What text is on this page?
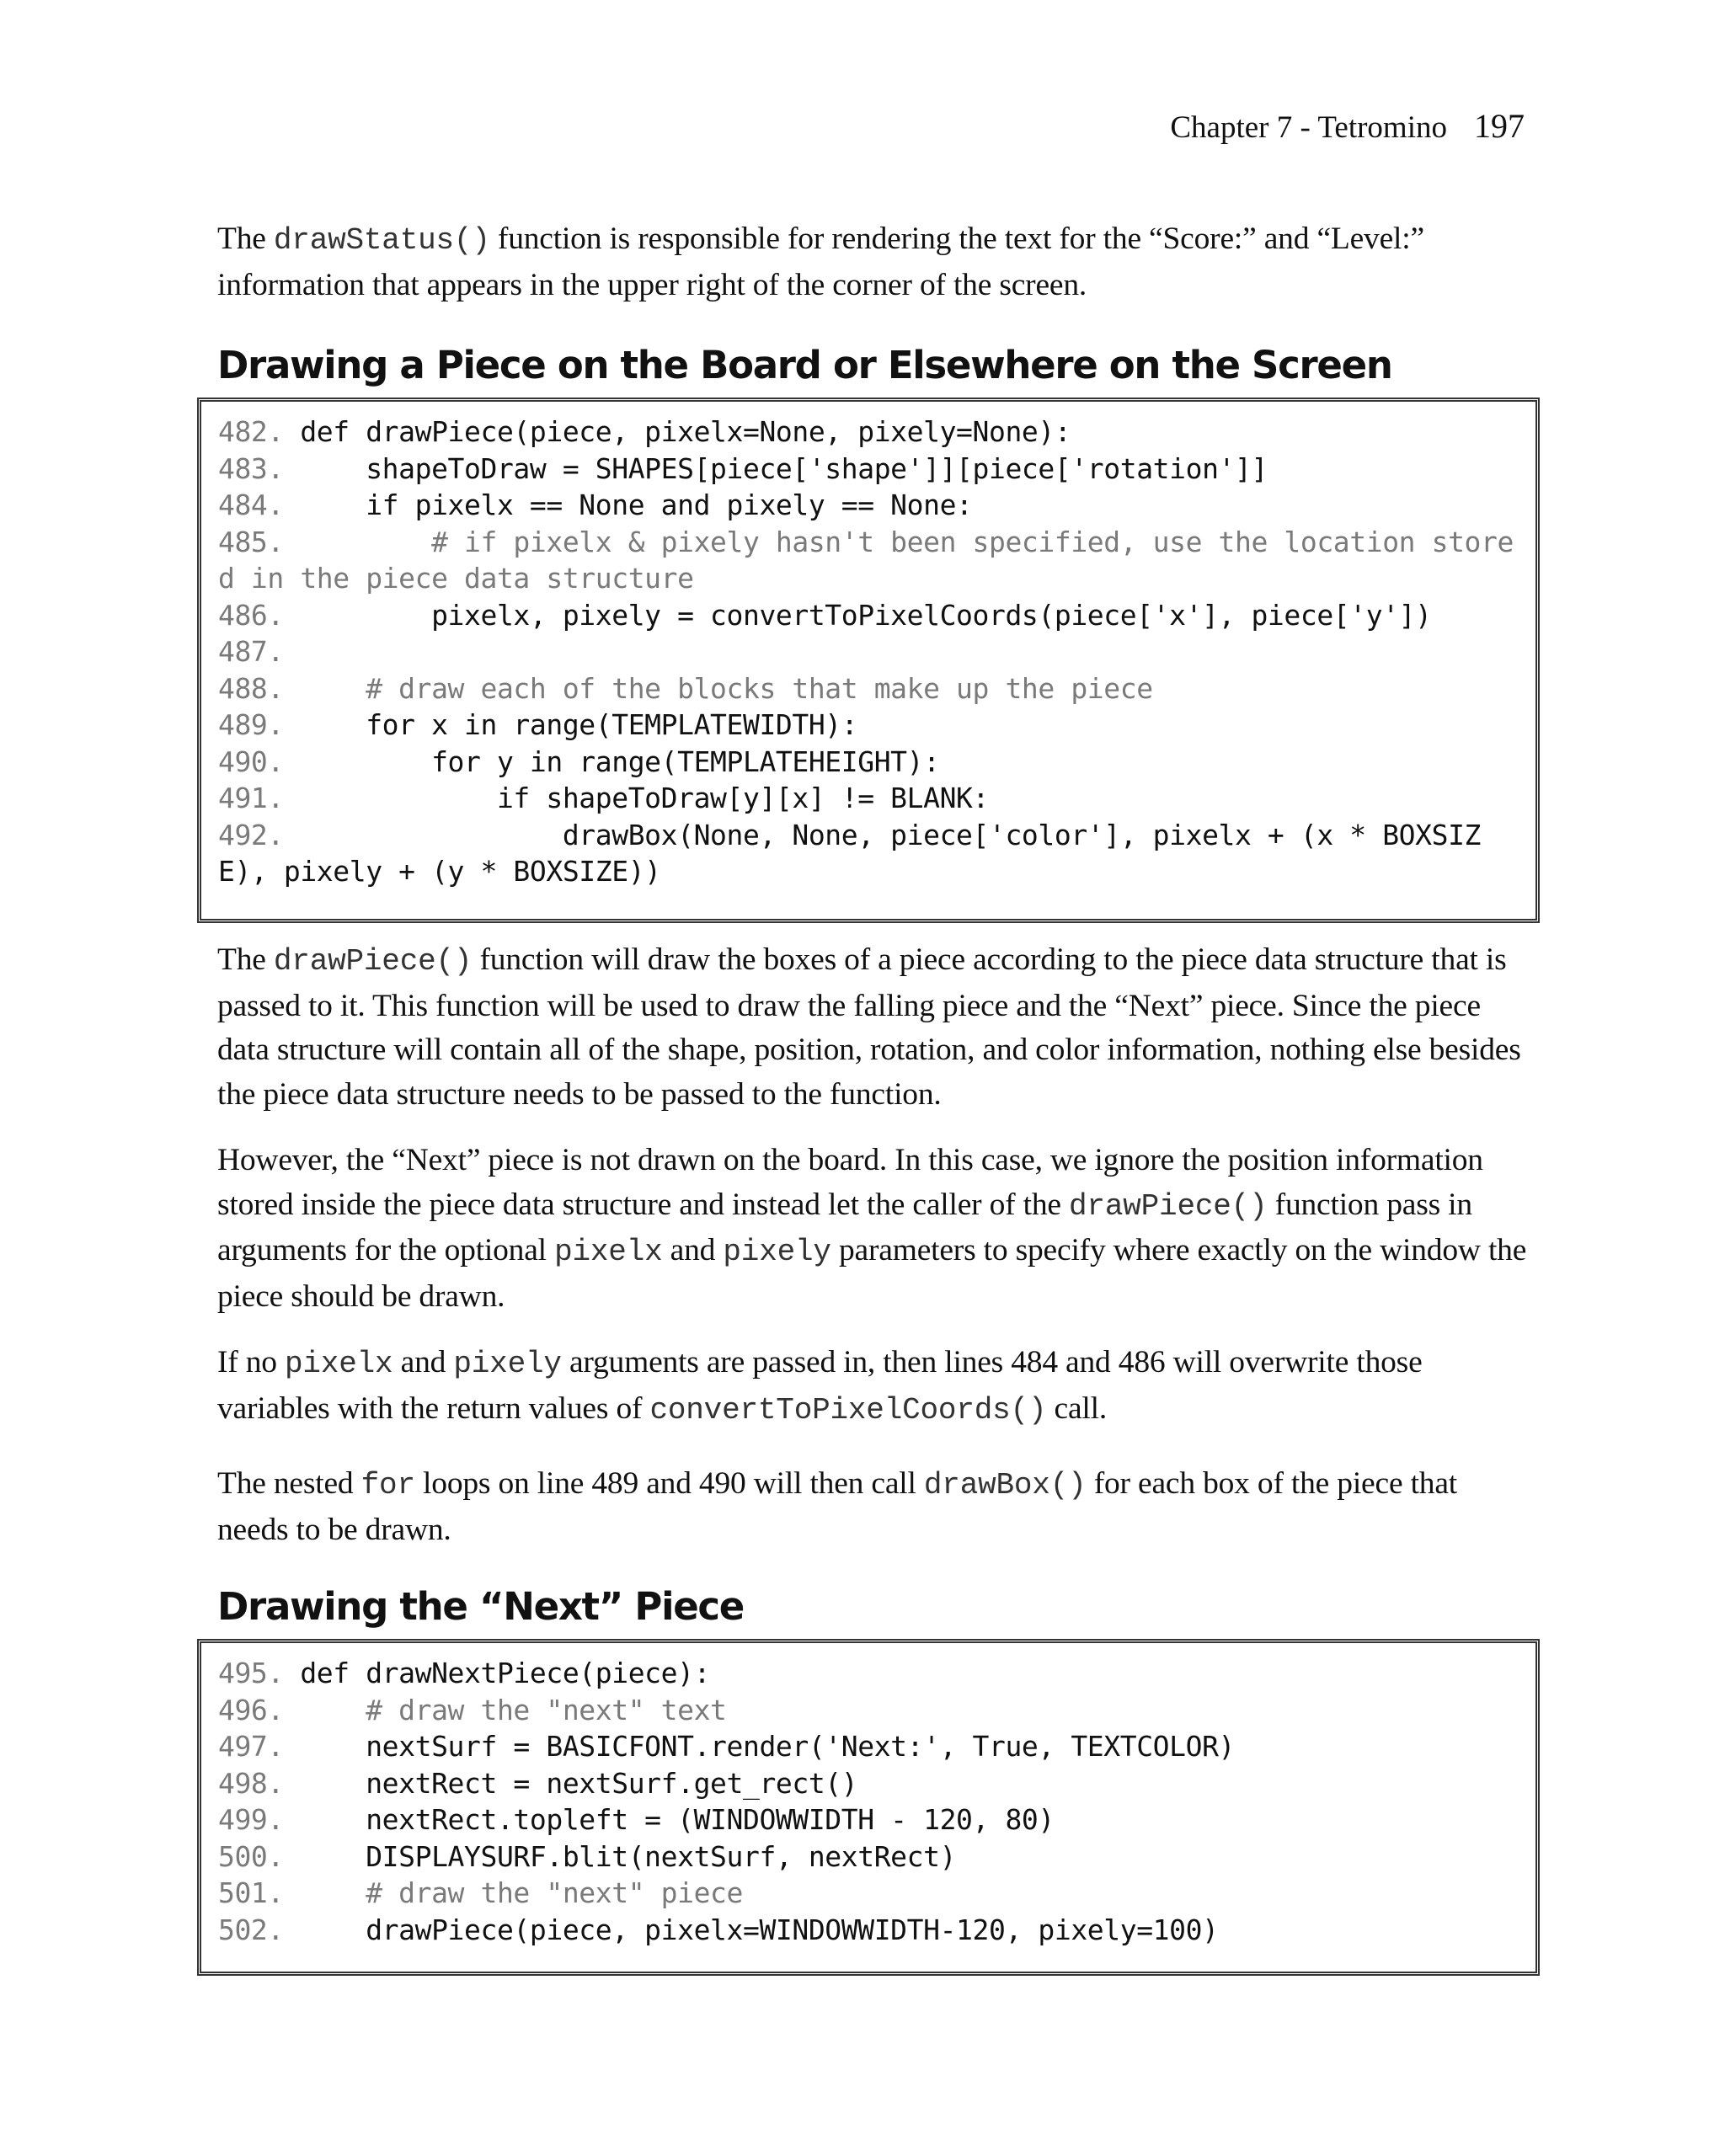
Chapter 7 - Tetromino 197

The drawStatus() function is responsible for rendering the text for the “Score:” and “Level:” information that appears in the upper right of the corner of the screen.

Drawing a Piece on the Board or Elsewhere on the Screen
482. def drawPiece(piece, pixelx=None, pixely=None):
483.     shapeToDraw = SHAPES[piece['shape']][piece['rotation']]
484.     if pixelx == None and pixely == None:
485.         # if pixelx & pixely hasn't been specified, use the location stored in the piece data structure
486.         pixelx, pixely = convertToPixelCoords(piece['x'], piece['y'])
487.
488.     # draw each of the blocks that make up the piece
489.     for x in range(TEMPLATEWIDTH):
490.         for y in range(TEMPLATEHEIGHT):
491.             if shapeToDraw[y][x] != BLANK:
492.                 drawBox(None, None, piece['color'], pixelx + (x * BOXSIZE), pixely + (y * BOXSIZE))

The drawPiece() function will draw the boxes of a piece according to the piece data structure that is passed to it. This function will be used to draw the falling piece and the “Next” piece. Since the piece data structure will contain all of the shape, position, rotation, and color information, nothing else besides the piece data structure needs to be passed to the function.

However, the “Next” piece is not drawn on the board. In this case, we ignore the position information stored inside the piece data structure and instead let the caller of the drawPiece() function pass in arguments for the optional pixelx and pixely parameters to specify where exactly on the window the piece should be drawn.

If no pixelx and pixely arguments are passed in, then lines 484 and 486 will overwrite those variables with the return values of convertToPixelCoords() call.

The nested for loops on line 489 and 490 will then call drawBox() for each box of the piece that needs to be drawn.

Drawing the “Next” Piece
495. def drawNextPiece(piece):
496.     # draw the "next" text
497.     nextSurf = BASICFONT.render('Next:', True, TEXTCOLOR)
498.     nextRect = nextSurf.get_rect()
499.     nextRect.topleft = (WINDOWWIDTH - 120, 80)
500.     DISPLAYSURF.blit(nextSurf, nextRect)
501.     # draw the "next" piece
502.     drawPiece(piece, pixelx=WINDOWWIDTH-120, pixely=100)
